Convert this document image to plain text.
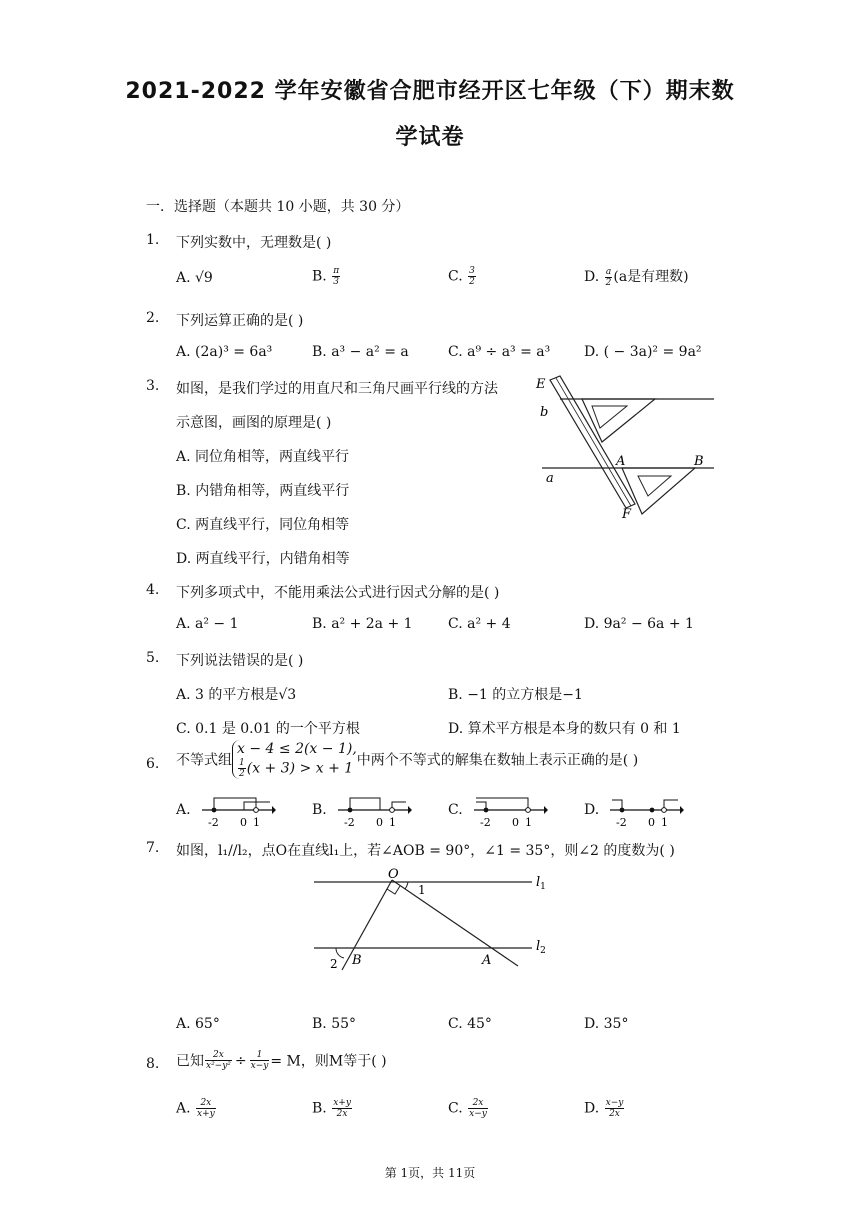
2021-2022 学年安徽省合肥市经开区七年级（下）期末数
学试卷
一．选择题（本题共 10 小题，共 30 分）
1. 下列实数中，无理数是( )
A. √9	B. $\frac{\pi}{3}$	C. $\frac{3}{2}$	D. $\frac{a}{2} (a$是有理数)
2. 下列运算正确的是( )
A. (2a)³ = 6a³	B. a³ − a² = a	C. a⁹ ÷ a³ = a³ D. ( − 3a)² = 9a²
3. 如图，是我们学过的用直尺和三角尺画平行线的方法
示意图，画图的原理是( )
A. 同位角相等，两直线平行
B. 内错角相等，两直线平行
C. 两直线平行，同位角相等
D. 两直线平行，内错角相等
E
b
A	B
a
F
4. 下列多项式中，不能用乘法公式进行因式分解的是( )
A. a² − 1	B. a² + 2a + 1	C. a² + 4	D. 9a² − 6a + 1
5. 下列说法错误的是( )
A. 3 的平方根是√3	B. −1 的立方根是−1
C. 0.1 是 0.01 的一个平方根	D. 算术平方根是本身的数只有 0 和 1
6. 不等式组
x − 4 ≤ 2(x − 1),
$\frac{1}{2} (x + 3) > x + 1$ 中两个不等式的解集在数轴上表示正确的是( )
A.	B.	C.	D.
-2 0 1	-2 0 1	-2 0 1	-2 0 1
7. 如图，l₁//l₂，点O在直线l₁上，若∠AOB = 90°，∠1 = 35°，则∠2 的度数为( )
O
1	$l_1$
$l_2$
2 B	A
A. 65°	B. 55°	C. 45°	D. 35°
8. 已知 $\frac{2x}{\text{x²−y²}} \div \frac{1}{x-y} = M$，则M等于( )
A. $\frac{2x}{x+y}$	B. $\frac{x+y}{2x}$	C. $\frac{2x}{x-y}$	D. $\frac{x-y}{2x}$
第 1页，共 11页
